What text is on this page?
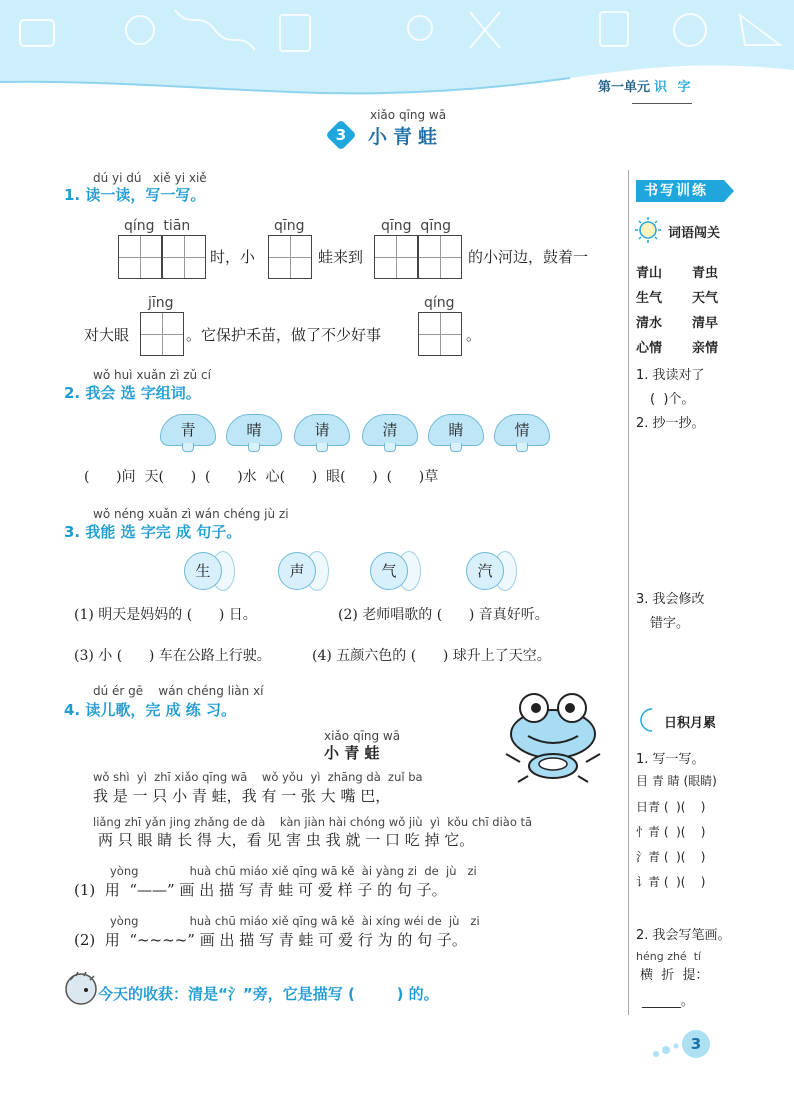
第一单元 识 字
xiǎo qīng wā
3	小青蛙
dú yi dú   xiě yi xiě
1. 读一读，写一写。
qíng  tiān	qīng	qīng  qīng
时，小	蛙来到	的小河边，鼓着一
jīng	qíng
对大眼	。它保护禾苗，做了不少好事	。
wǒ huì xuǎn zì zǔ cí
2. 我会 选 字组词。
青	晴	请	清	睛	情
(      )问  天(      )  (      )水  心(      )  眼(      )  (      )草
wǒ néng xuǎn zì wán chéng jù zi
3. 我能 选 字完 成 句子。
生	声	气	汽
(1) 明天是妈妈的 (      ) 日。	(2) 老师唱歌的 (      ) 音真好听。
(3) 小 (      ) 车在公路上行驶。	(4) 五颜六色的 (      ) 球升上了天空。
dú ér gē    wán chéng liàn xí
4. 读儿歌，完 成 练 习。
xiǎo qīng wā
小 青 蛙
wǒ shì  yì  zhī xiǎo qīng wā    wǒ yǒu  yì  zhāng dà  zuǐ ba
我 是 一 只 小 青 蛙，我 有 一 张 大 嘴 巴，
liǎng zhī yǎn jing zhǎng de dà    kàn jiàn hài chóng wǒ jiù  yì  kǒu chī diào tā
两 只 眼 睛 长 得 大，看 见 害 虫 我 就 一 口 吃 掉 它。
yòng              huà chū miáo xiě qīng wā kě  ài yàng zi  de  jù   zi
(1)  用  “——” 画 出 描 写 青 蛙 可 爱 样 子 的 句 子。
yòng              huà chū miáo xiě qīng wā kě  ài xíng wéi de  jù   zi
(2)  用  “~~~~” 画 出 描 写 青 蛙 可 爱 行 为 的 句 子。
今天的收获：清是“氵”旁，它是描写 (        ) 的。
书写训练
词语闯关
青山 青虫
生气 天气
清水 清早
心情 亲情
1. 我读对了
(  )个。
2. 抄一抄。
3. 我会修改
错字。
日积月累
1. 写一写。
目 青 睛 (眼睛)
日青 (  )(    )
忄青 (  )(    )
氵青 (  )(    )
讠青 (  )(    )
2. 我会写笔画。
héng zhé  tí
横  折  提：
______。
3
